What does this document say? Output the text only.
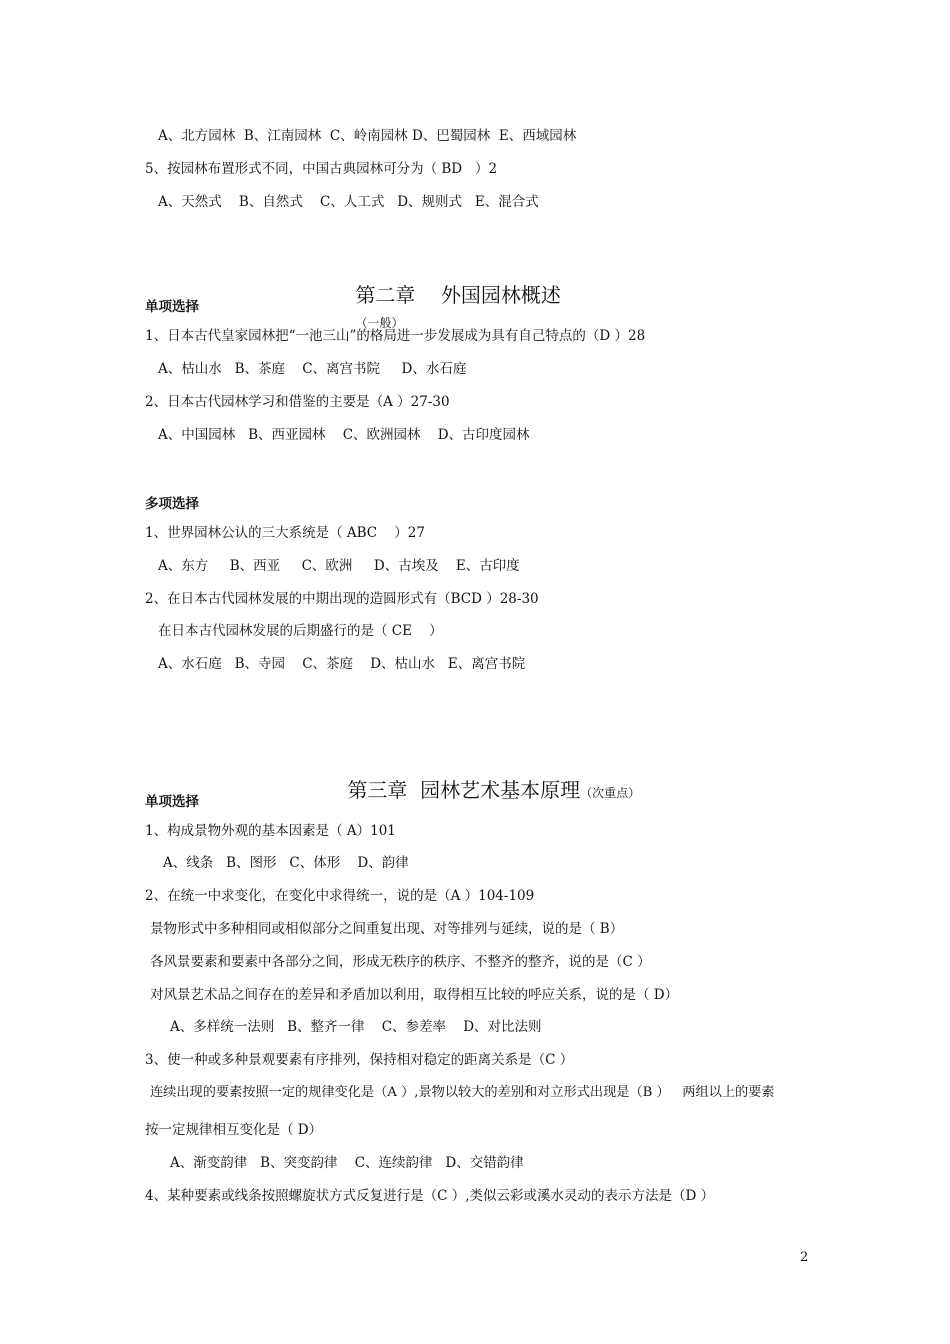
A、北方园林  B、江南园林  C、岭南园林 D、巴蜀园林  E、西域园林
5、按园林布置形式不同，中国古典园林可分为（ BD   ）2
A、天然式    B、自然式    C、人工式   D、规则式   E、混合式

第二章    外国园林概述
（一般）

单项选择
1、日本古代皇家园林把“一池三山”的格局进一步发展成为具有自己特点的（D ）28
A、枯山水   B、茶庭    C、离宫书院     D、水石庭
2、日本古代园林学习和借鉴的主要是（A ）27-30
A、中国园林   B、西亚园林    C、欧洲园林    D、古印度园林
多项选择
1、世界园林公认的三大系统是（ ABC    ）27
A、东方     B、西亚     C、欧洲     D、古埃及    E、古印度
2、在日本古代园林发展的中期出现的造圆形式有（BCD ）28-30
在日本古代园林发展的后期盛行的是（ CE    ）
A、水石庭   B、寺园    C、茶庭    D、枯山水   E、离宫书院

第三章  园林艺术基本原理（次重点）

单项选择
1、构成景物外观的基本因素是（ A）101
A、线条   B、图形   C、体形    D、韵律
2、在统一中求变化，在变化中求得统一，说的是（A ）104-109
景物形式中多种相同或相似部分之间重复出现、对等排列与延续，说的是（ B）
各风景要素和要素中各部分之间，形成无秩序的秩序、不整齐的整齐，说的是（C ）
对风景艺术品之间存在的差异和矛盾加以利用，取得相互比较的呼应关系，说的是（ D）
A、多样统一法则   B、整齐一律    C、参差率    D、对比法则
3、使一种或多种景观要素有序排列，保持相对稳定的距离关系是（C ）
连续出现的要素按照一定的规律变化是（A ）,景物以较大的差别和对立形式出现是（B ）   两组以上的要素
按一定规律相互变化是（ D）
A、渐变韵律   B、突变韵律    C、连续韵律   D、交错韵律
4、某种要素或线条按照螺旋状方式反复进行是（C ）,类似云彩或溪水灵动的表示方法是（D ）
2
